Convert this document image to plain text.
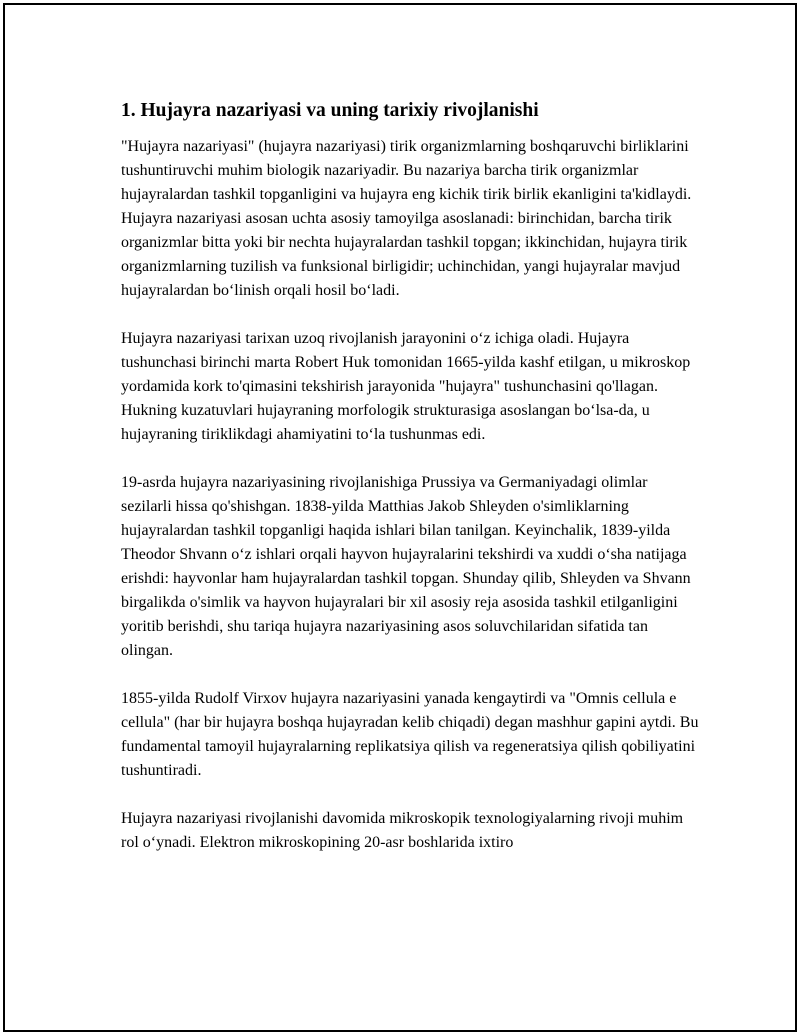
1. Hujayra nazariyasi va uning tarixiy rivojlanishi

"Hujayra nazariyasi" (hujayra nazariyasi) tirik organizmlarning boshqaruvchi birliklarini tushuntiruvchi muhim biologik nazariyadir. Bu nazariya barcha tirik organizmlar hujayralardan tashkil topganligini va hujayra eng kichik tirik birlik ekanligini ta'kidlaydi. Hujayra nazariyasi asosan uchta asosiy tamoyilga asoslanadi: birinchidan, barcha tirik organizmlar bitta yoki bir nechta hujayralardan tashkil topgan; ikkinchidan, hujayra tirik organizmlarning tuzilish va funksional birligidir; uchinchidan, yangi hujayralar mavjud hujayralardan bo‘linish orqali hosil bo‘ladi.

Hujayra nazariyasi tarixan uzoq rivojlanish jarayonini o‘z ichiga oladi. Hujayra tushunchasi birinchi marta Robert Huk tomonidan 1665-yilda kashf etilgan, u mikroskop yordamida kork to'qimasini tekshirish jarayonida "hujayra" tushunchasini qo'llagan. Hukning kuzatuvlari hujayraning morfologik strukturasiga asoslangan bo‘lsa-da, u hujayraning tiriklikdagi ahamiyatini to‘la tushunmas edi.

19-asrda hujayra nazariyasining rivojlanishiga Prussiya va Germaniyadagi olimlar sezilarli hissa qo'shishgan. 1838-yilda Matthias Jakob Shleyden o'simliklarning hujayralardan tashkil topganligi haqida ishlari bilan tanilgan. Keyinchalik, 1839-yilda Theodor Shvann o‘z ishlari orqali hayvon hujayralarini tekshirdi va xuddi o‘sha natijaga erishdi: hayvonlar ham hujayralardan tashkil topgan. Shunday qilib, Shleyden va Shvann birgalikda o'simlik va hayvon hujayralari bir xil asosiy reja asosida tashkil etilganligini yoritib berishdi, shu tariqa hujayra nazariyasining asos soluvchilaridan sifatida tan olingan.

1855-yilda Rudolf Virxov hujayra nazariyasini yanada kengaytirdi va "Omnis cellula e cellula" (har bir hujayra boshqa hujayradan kelib chiqadi) degan mashhur gapini aytdi. Bu fundamental tamoyil hujayralarning replikatsiya qilish va regeneratsiya qilish qobiliyatini tushuntiradi.

Hujayra nazariyasi rivojlanishi davomida mikroskopik texnologiyalarning rivoji muhim rol o‘ynadi. Elektron mikroskopining 20-asr boshlarida ixtiro
